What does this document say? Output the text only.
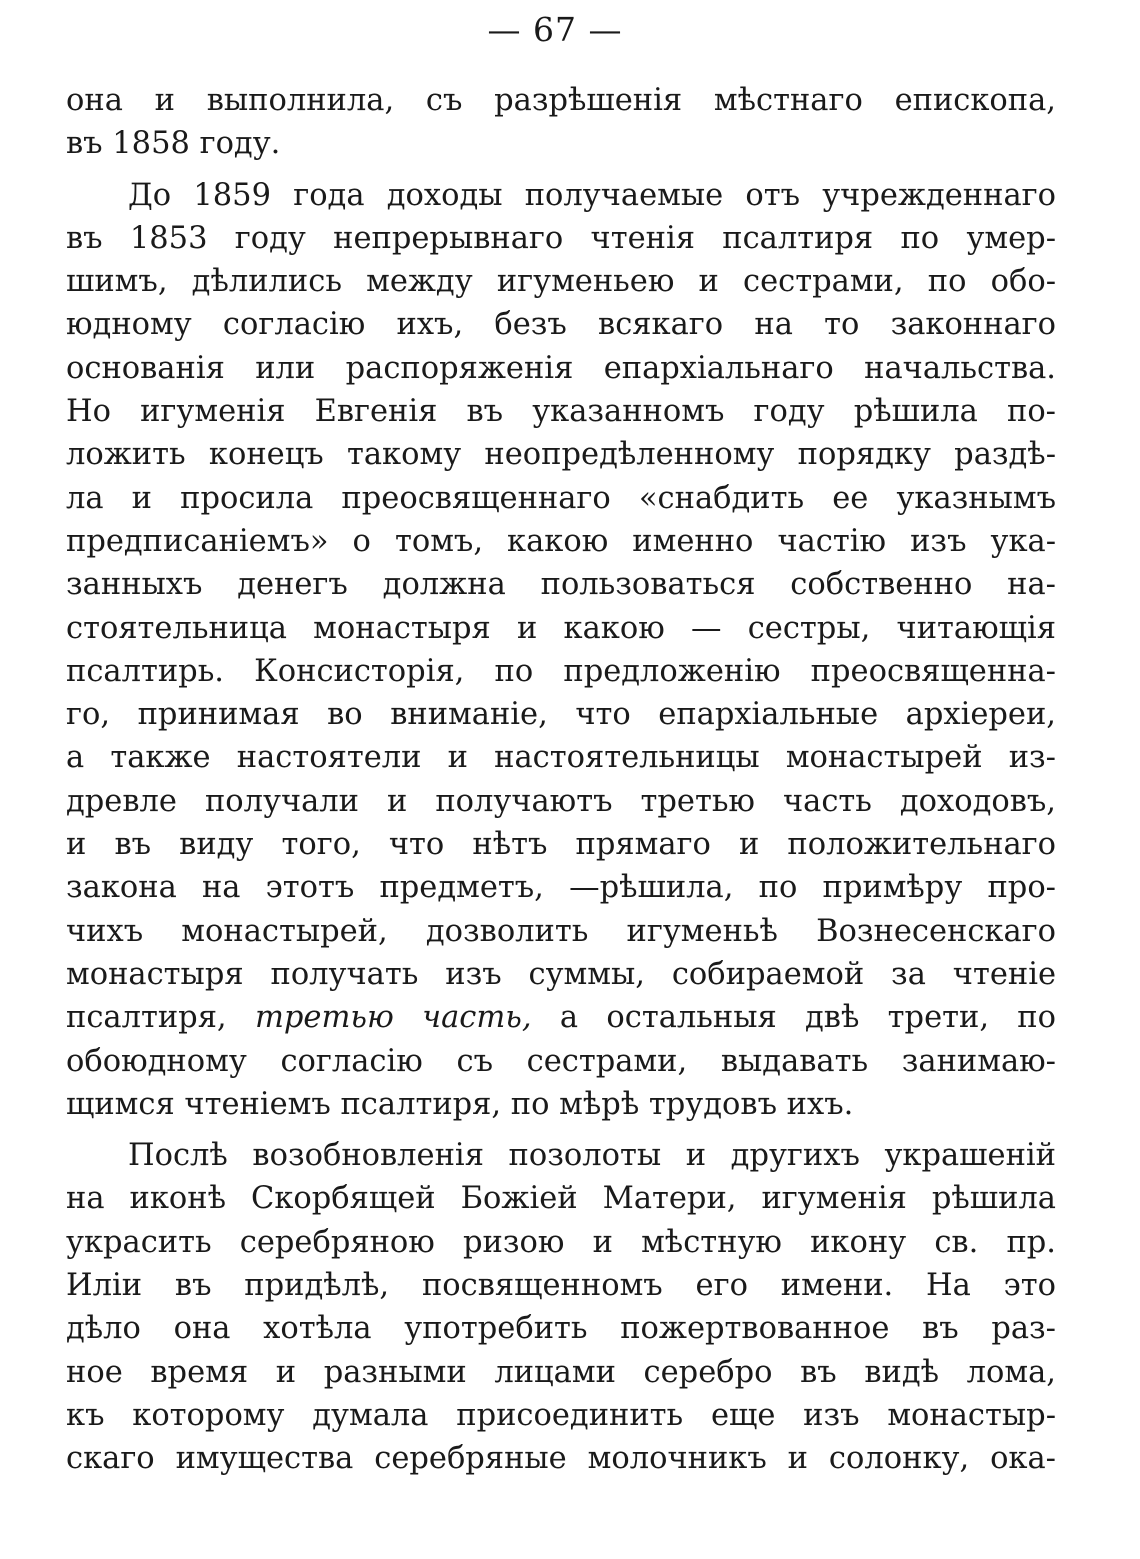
— 67 —
она и выполнила, съ разрѣшенія мѣстнаго епископа,
въ 1858 году.
До 1859 года доходы получаемые отъ учрежденнаго
въ 1853 году непрерывнаго чтенія псалтиря по умер-
шимъ, дѣлились между игуменьею и сестрами, по обо-
юдному согласію ихъ, безъ всякаго на то законнаго
основанія или распоряженія епархіальнаго начальства.
Но игуменія Евгенія въ указанномъ году рѣшила по-
ложить конецъ такому неопредѣленному порядку раздѣ-
ла и просила преосвященнаго «снабдить ее указнымъ
предписаніемъ» о томъ, какою именно частію изъ ука-
занныхъ денегъ должна пользоваться собственно на-
стоятельница монастыря и какою — сестры, читающія
псалтирь. Консисторія, по предложенію преосвященна-
го, принимая во вниманіе, что епархіальные архіереи,
а также настоятели и настоятельницы монастырей из-
древле получали и получаютъ третью часть доходовъ,
и въ виду того, что нѣтъ прямаго и положительнаго
закона на этотъ предметъ, —рѣшила, по примѣру про-
чихъ монастырей, дозволить игуменьѣ Вознесенскаго
монастыря получать изъ суммы, собираемой за чтеніе
псалтиря, третью часть, а остальныя двѣ трети, по
обоюдному согласію съ сестрами, выдавать занимаю-
щимся чтеніемъ псалтиря, по мѣрѣ трудовъ ихъ.
Послѣ возобновленія позолоты и другихъ украшеній
на иконѣ Скорбящей Божіей Матери, игуменія рѣшила
украсить серебряною ризою и мѣстную икону св. пр.
Иліи въ придѣлѣ, посвященномъ его имени. На это
дѣло она хотѣла употребить пожертвованное въ раз-
ное время и разными лицами серебро въ видѣ лома,
къ которому думала присоединить еще изъ монастыр-
скаго имущества серебряные молочникъ и солонку, ока-
